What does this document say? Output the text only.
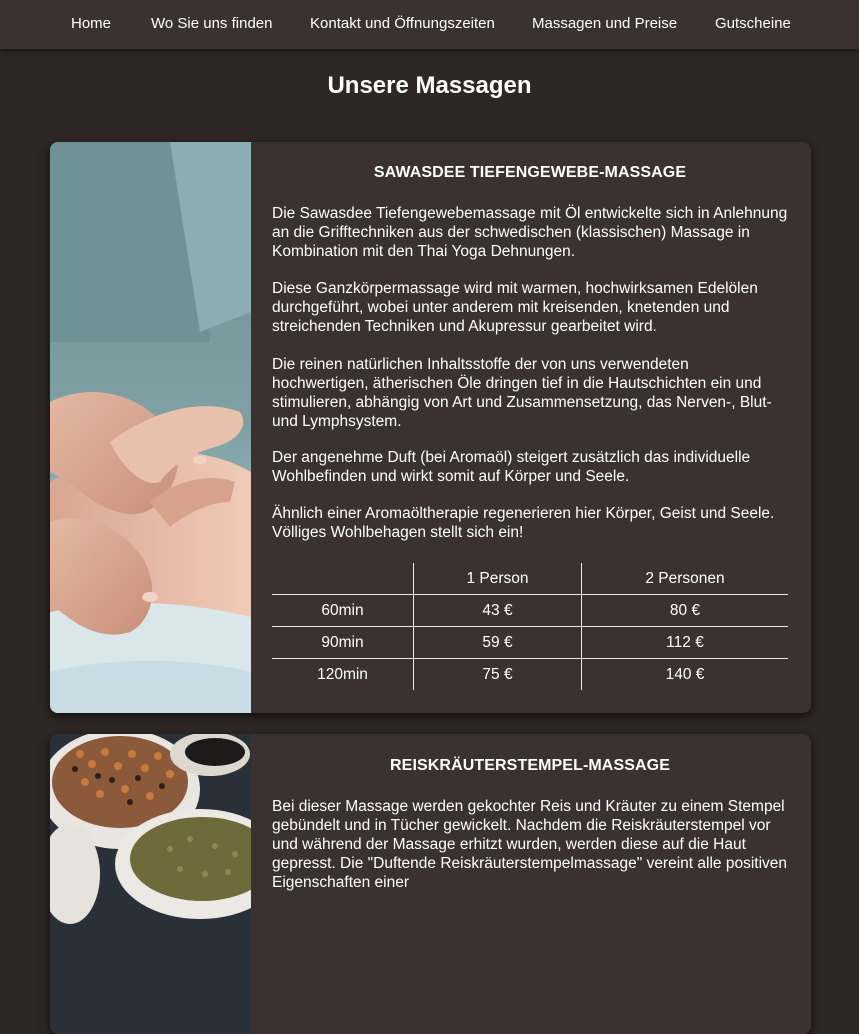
Home	Wo Sie uns finden	Kontakt und Öffnungszeiten Massagen und Preise	Gutscheine
Unsere Massagen
SAWASDEE TIEFENGEWEBE-MASSAGE

Die Sawasdee Tiefengewebemassage mit Öl entwickelte sich in Anlehnung an die Grifftechniken aus der schwedischen (klassischen) Massage in Kombination mit den Thai Yoga Dehnungen.

Diese Ganzkörpermassage wird mit warmen, hochwirksamen Edelölen durchgeführt, wobei unter anderem mit kreisenden, knetenden und streichenden Techniken und Akupressur gearbeitet wird.

Die reinen natürlichen Inhaltsstoffe der von uns verwendeten hochwertigen, ätherischen Öle dringen tief in die Hautschichten ein und stimulieren, abhängig von Art und Zusammensetzung, das Nerven-, Blut- und Lymphsystem.

Der angenehme Duft (bei Aromaöl) steigert zusätzlich das individuelle Wohlbefinden und wirkt somit auf Körper und Seele.

Ähnlich einer Aromaöltherapie regenerieren hier Körper, Geist und Seele. Völliges Wohlbehagen stellt sich ein!

	1 Person	2 Personen
60min	43 €	80 €
90min	59 €	112 €
120min	75 €	140 €
REISKRÄUTERSTEMPEL-MASSAGE

Bei dieser Massage werden gekochter Reis und Kräuter zu einem Stempel gebündelt und in Tücher gewickelt. Nachdem die Reiskräuterstempel vor und während der Massage erhitzt wurden, werden diese auf die Haut gepresst. Die "Duftende Reiskräuterstempelmassage" vereint alle positiven Eigenschaften einer
